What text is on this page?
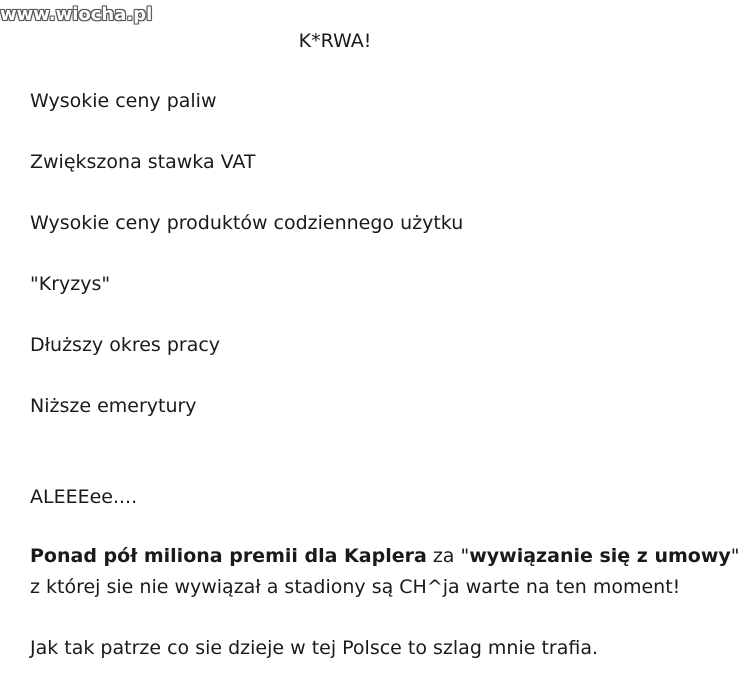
www.wiocha.pl
K*RWA!
Wysokie ceny paliw
Zwiększona stawka VAT
Wysokie ceny produktów codziennego użytku
"Kryzys"
Dłuższy okres pracy
Niższe emerytury
ALEEEee....
Ponad pół miliona premii dla Kaplera za "wywiązanie się z umowy" z której sie nie wywiązał a stadiony są CH^ja warte na ten moment!
Jak tak patrze co sie dzieje w tej Polsce to szlag mnie trafia.
